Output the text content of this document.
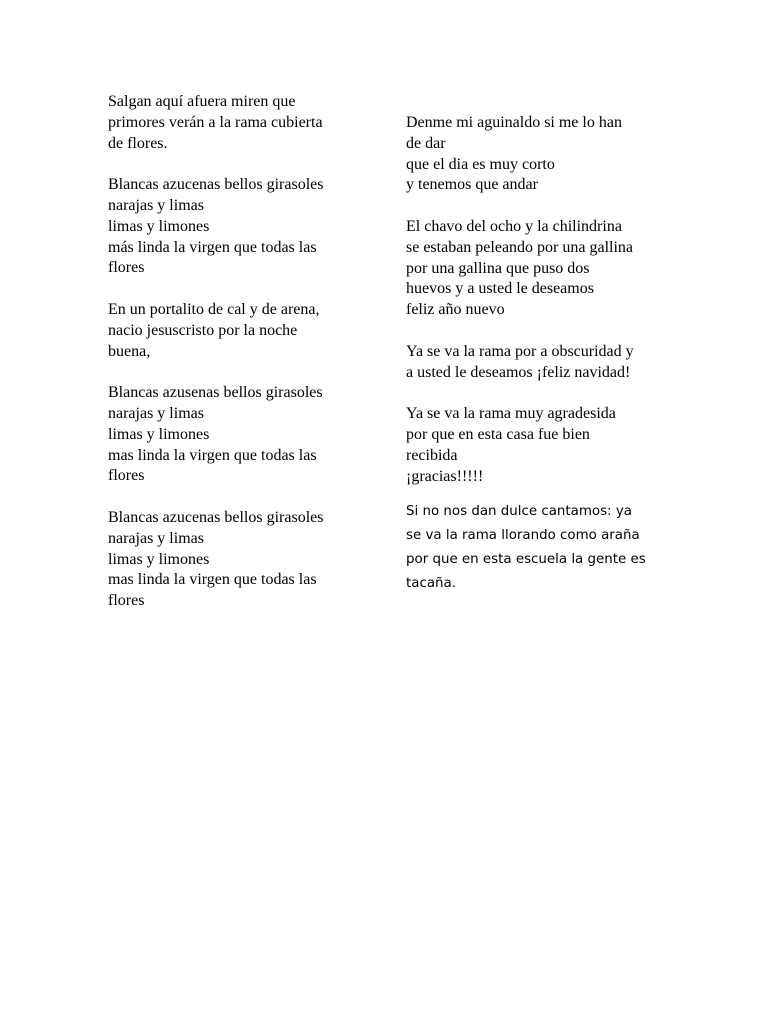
Salgan aquí afuera miren que
primores verán a la rama cubierta
de flores.
Blancas azucenas bellos girasoles
narajas y limas
limas y limones
más linda la virgen que todas las
flores
En un portalito de cal y de arena,
nacio jesuscristo por la noche
buena,
Blancas azusenas bellos girasoles
narajas y limas
limas y limones
mas linda la virgen que todas las
flores
Blancas azucenas bellos girasoles
narajas y limas
limas y limones
mas linda la virgen que todas las
flores
Denme mi aguinaldo si me lo han
de dar
que el dia es muy corto
y tenemos que andar
El chavo del ocho y la chilindrina
se estaban peleando por una gallina
por una gallina que puso dos
huevos y a usted le deseamos
feliz año nuevo
Ya se va la rama por a obscuridad y
a usted le deseamos ¡feliz navidad!
Ya se va la rama muy agradesida
por que en esta casa fue bien
recibida
¡gracias!!!!!
Si no nos dan dulce cantamos: ya
se va la rama llorando como araña
por que en esta escuela la gente es
tacaña.
